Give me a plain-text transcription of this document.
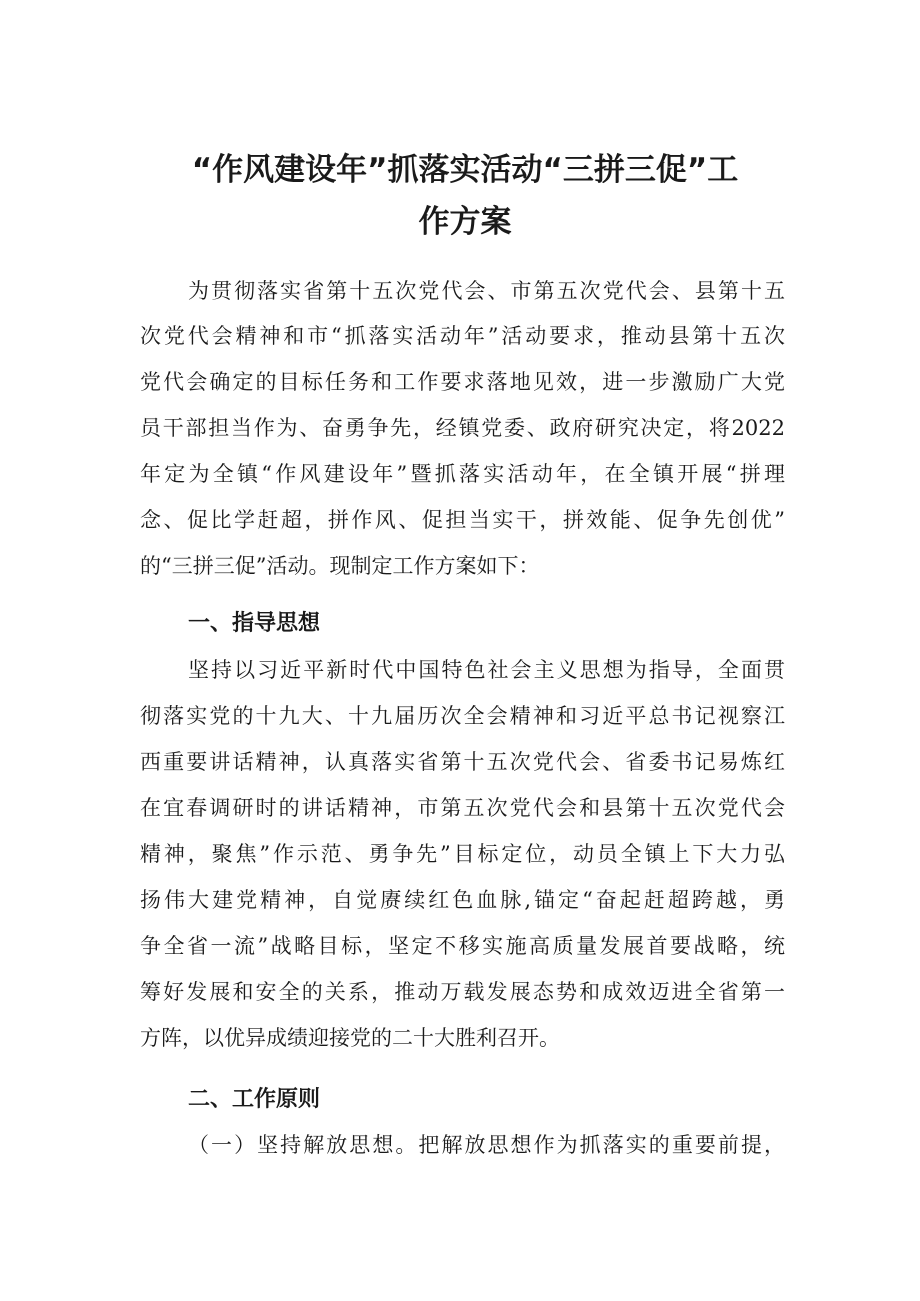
“作风建设年”抓落实活动“三拼三促”工
作方案
为贯彻落实省第十五次党代会、市第五次党代会、县第十五
次党代会精神和市“抓落实活动年”活动要求，推动县第十五次
党代会确定的目标任务和工作要求落地见效，进一步激励广大党
员干部担当作为、奋勇争先，经镇党委、政府研究决定，将2022
年定为全镇“作风建设年”暨抓落实活动年，在全镇开展“拼理
念、促比学赶超，拼作风、促担当实干，拼效能、促争先创优”
的“三拼三促”活动。现制定工作方案如下：
一、指导思想
坚持以习近平新时代中国特色社会主义思想为指导，全面贯
彻落实党的十九大、十九届历次全会精神和习近平总书记视察江
西重要讲话精神，认真落实省第十五次党代会、省委书记易炼红
在宜春调研时的讲话精神，市第五次党代会和县第十五次党代会
精神，聚焦”作示范、勇争先”目标定位，动员全镇上下大力弘
扬伟大建党精神，自觉赓续红色血脉,锚定“奋起赶超跨越，勇
争全省一流”战略目标，坚定不移实施高质量发展首要战略，统
筹好发展和安全的关系，推动万载发展态势和成效迈进全省第一
方阵，以优异成绩迎接党的二十大胜利召开。
二、工作原则
（一）坚持解放思想。把解放思想作为抓落实的重要前提，
